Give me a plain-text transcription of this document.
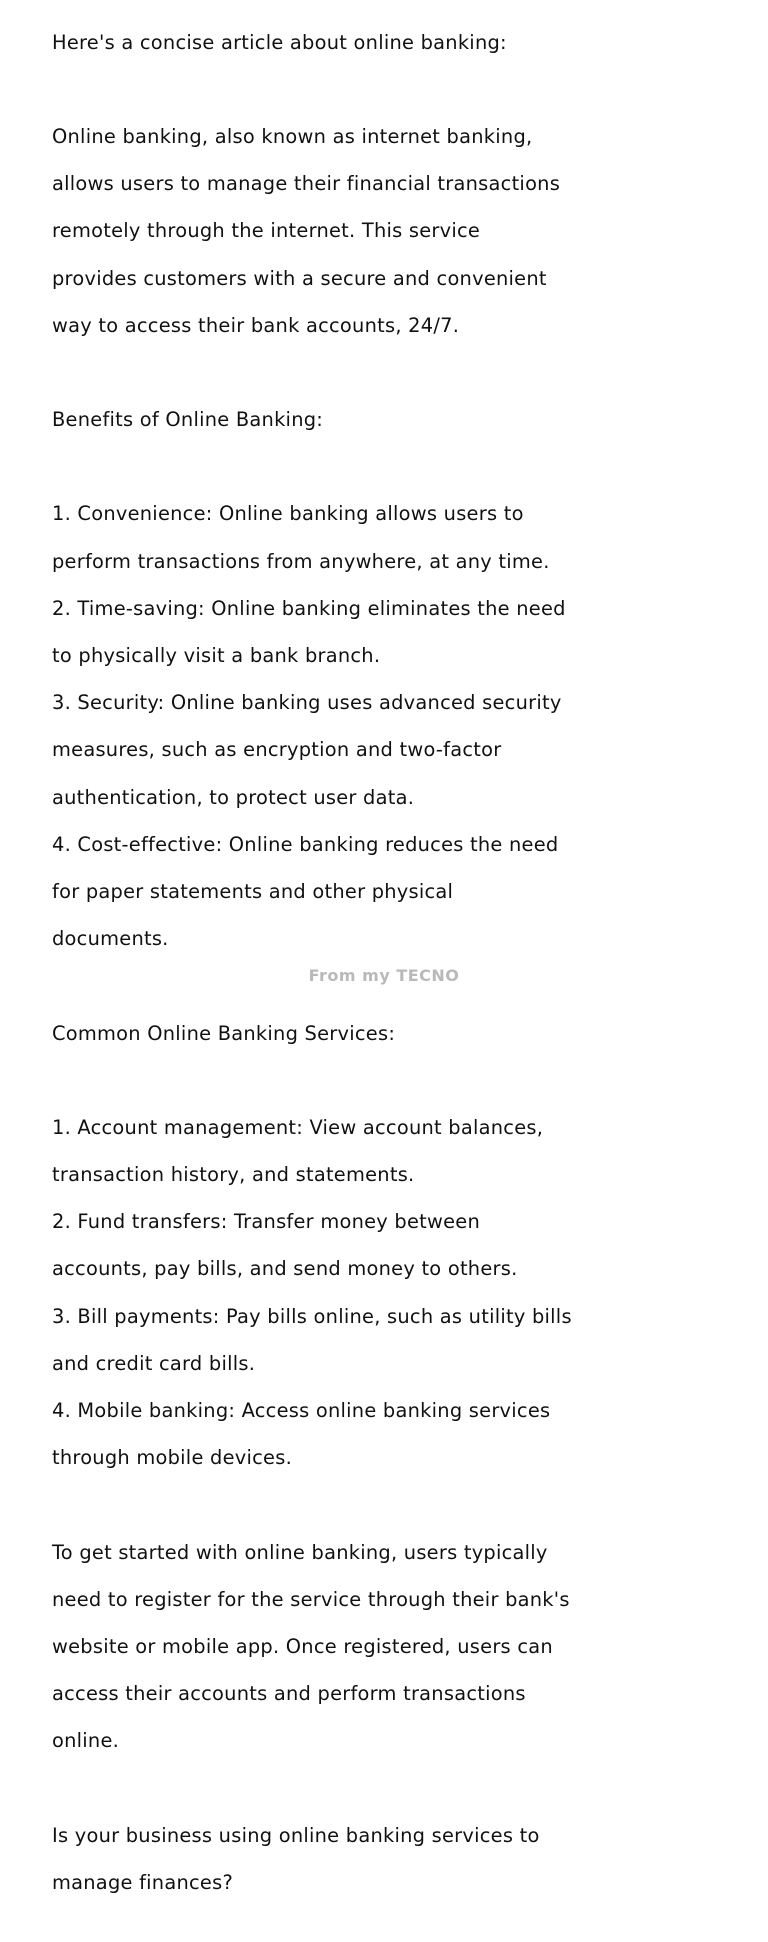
Here's a concise article about online banking:

Online banking, also known as internet banking,

allows users to manage their financial transactions

remotely through the internet. This service

provides customers with a secure and convenient

way to access their bank accounts, 24/7.

Benefits of Online Banking:

1. Convenience: Online banking allows users to

perform transactions from anywhere, at any time.

2. Time-saving: Online banking eliminates the need

to physically visit a bank branch.

3. Security: Online banking uses advanced security

measures, such as encryption and two-factor

authentication, to protect user data.

4. Cost-effective: Online banking reduces the need

for paper statements and other physical

documents.

Common Online Banking Services:

1. Account management: View account balances,

transaction history, and statements.

2. Fund transfers: Transfer money between

accounts, pay bills, and send money to others.

3. Bill payments: Pay bills online, such as utility bills

and credit card bills.

4. Mobile banking: Access online banking services

through mobile devices.

To get started with online banking, users typically

need to register for the service through their bank's

website or mobile app. Once registered, users can

access their accounts and perform transactions

online.

Is your business using online banking services to

manage finances?

From my TECNO
